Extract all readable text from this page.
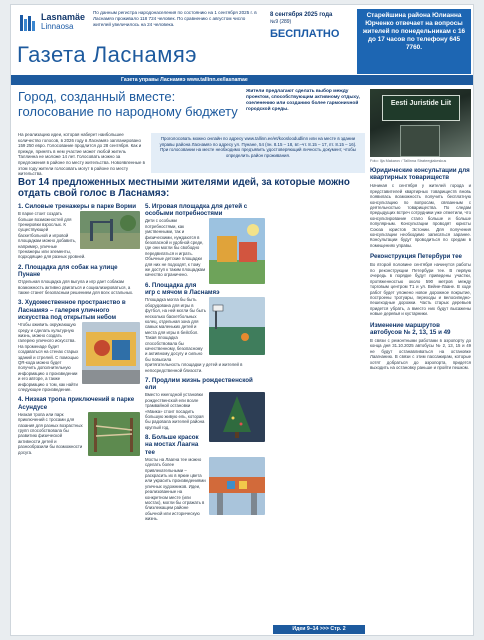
Lasnamäe
Linnaosa
По данным регистра народонаселения по состоянию на 1 сентября 2025 г. в Ласнамяэ проживало 118 724 человек. По сравнению с августом число жителей увеличилось на 24 человека.
8 сентября 2025 года
№9 (289)
БЕСПЛАТНО
Старейшина района Юлианна Юрченко отвечает на вопросы жителей по понедельникам с 16 до 17 часов по телефону 645 7760.
Газета Ласнамяэ
Газета управы Ласнамяэ www.tallinn.ee/lasnamae
Город, созданный вместе: голосование по народному бюджету
Жители предлагают сделать выбор между проектом, способствующим активному отдыху, озеленению или созданию более гармоничной городской среды.
На реализацию идеи, которая наберет наибольшее количество голосов, в 2026 году в Ласнамяэ запланировано 159 250 евро. Голосование продлится до 28 сентября. Как и прежде, принять в нем участие может любой житель Таллинна не моложе 14 лет. Голосовать можно за предложения в районе по месту жительства. Новоявленные в этом году жители голосовать могут в районе по месту жительства.
Проголосовать можно онлайн по адресу www.tallinn.ee/et/koosloodudlinn или на месте в здании управы района Ласнамяэ по адресу ул. Пунане, 54 (пн. 8.15 – 18, вт.–чт. 8.15 – 17, пт. 8.15 – 16). При голосовании на месте необходимо предъявить удостоверяющий личность документ, чтобы определить район проживания.
Вот 14 предложенных местными жителями идей, за которые можно отдать свой голос в Ласнамяэ:
1. Силовые тренажеры в парке Ворми
В парке стоит создать больше возможностей для тренировки взрослых. К существующей баскетбольной и игровой площадкам можно добавить, например, уличные тренажеры или элементы, подходящие для разных уровней.
2. Площадка для собак на улице Пунане
Отдельная площадка для выгула и игр дает собакам возможность активно двигаться и социализироваться, а также станет безопасным решением для всех остальных.
3. Художественное пространство в Ласнамяэ – галерея уличного искусства под открытым небом
Чтобы оживить окружающую среду и сделать культурную жизнь, можно создать галерею уличного искусства. На променаде будет создаваться на стенах старых зданий и стрелей. С помощью QR-кода можно будет получить дополнительную информацию о произведении и его авторе, а также информацию о том, как найти следующее произведение.
4. Низкая тропа приключений в парке Асундусе
Низкая тропа или парк приключений с тросами для лазания для разных возрастных групп способствовала бы развитию физической активности детей и разнообразили бы возможности досуга.
5. Игровая площадка для детей с особыми потребностями
Дети с особыми потребностями, как умственными, так и физическими, нуждаются в безопасной и удобной среде, где они могли бы свободно передвигаться и играть. Обычные детские площадки для них не подходят, к тому же доступ к таким площадкам качество ограничено.
6. Площадка для игр с мячом в Ласнамяэ
Площадка могла бы быть оборудована для игры в футбол, на ней могли бы быть несколько баскетбольных колец, отдельная зона для самых маленьких детей и места для игры в бейсбол. Такая площадка способствовала бы качественному, безопасному и активному досугу и сильно бы повысила притягательность площадки у детей и жителей в непосредственной близости.
7. Продлим жизнь рождественской ели
Вместо ежегодной установки рождественской ели возле трамвайной остановки «Маика» стоит посадить большую живую ель, которая бы радовала жителей района круглый год.
8. Больше красок на мостах Лаагна тее
Мосты на Лаагна тее можно сделать более привлекательными – раскрасить их в яркие цвета или украсить произведениями уличных художников. Идеи, реализованные на конкретном месте (или мостах), могли бы отражать в близлежащем районе обычной или историческую жизнь.
Идеи 9–14 >>> Стр. 2
Eesti Juristide Liit
Foto: Ilja Makarov / Tallinna Strateegiakeskus
Юридические консультации для квартирных товариществ
Начиная с сентября у жителей города и представителей квартирных товариществ вновь появилась возможность получить бесплатную консультацию по вопросам, связанным с деятельностью товарищества. По следам предыдущих встреч сотрудники уже отметили, что консультирование стало больше и больше популярным. Консультации проводят юристы Союза юристов Эстонии. Для получения консультации необходимо записаться заранее. Консультации будут проводиться по средам в помещениях управы.
Реконструкция Петербури тее
Во второй половине сентября начинутся работы по реконструкции Петербури тее. В первую очередь в порядке будут приведены участки, протяженностью около 590 метров между торговым центром Т1 и ул. Вейне-Лаане. В ходе работ будет уложено новое дорожное покрытие, построены тротуары, переходы и велосипедно-пешеходные дорожки. Часть старых деревьев придется убрать, а вместо них будут высажены новые деревья и кустарники.
Изменение маршрутов автобусов № 2, 13, 15 и 49
В связи с ремонтными работами в аэропорту до конца дня 31.10.2025 автобусы № 2, 13, 15 и 49 не будут останавливаться на остановке Лаагнанию. В связи с этим пассажирам, которые хотят добраться до аэропорта, придется выходить на остановку раньше и пройти пешком.
